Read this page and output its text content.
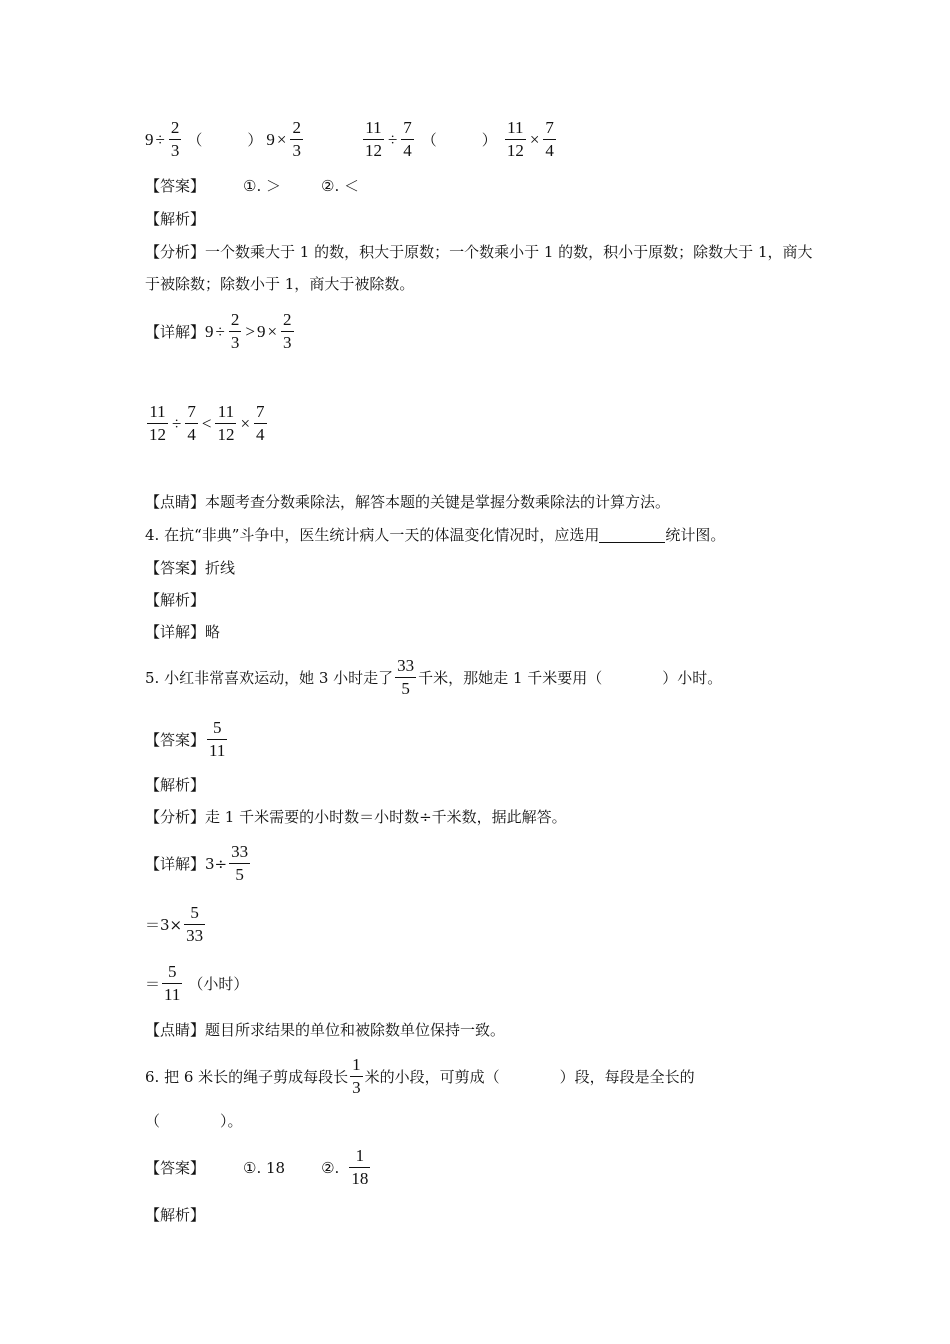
$9 \div \frac{2}{3}$ （　　　） $9 \times \frac{2}{3}$	$\frac{11}{12} \div \frac{7}{4}$ （　　　） $\frac{11}{12} \times \frac{7}{4}$
【答案】	①. ＞	②. ＜
【解析】
【分析】一个数乘大于 1 的数，积大于原数；一个数乘小于 1 的数，积小于原数；除数大于 1，商大于被除数；除数小于 1，商大于被除数。
【详解】 $9 \div \frac{2}{3} > 9 \times \frac{2}{3}$
$\frac{11}{12} \div \frac{7}{4} < \frac{11}{12} \times \frac{7}{4}$
【点睛】 本题考查分数乘除法，解答本题的关键是掌握分数乘除法的计算方法。
4. 在抗“非典”斗争中，医生统计病人一天的体温变化情况时，应选用	统计图。
【答案】 折线
【解析】
【详解】 略
5. 小红非常喜欢运动，她 3 小时走了 $\frac{33}{5}$ 千米，那她走 1 千米要用（　　　　）小时。
【答案】 $\frac{5}{11}$
【解析】
【分析】 走 1 千米需要的小时数＝小时数÷千米数，据此解答。
【详解】 $3\div \frac{33}{5}$
$=3\times \frac{5}{33}$
＝ $\frac{5}{11}$ （小时）
【点睛】 题目所求结果的单位和被除数单位保持一致。
6. 把 6 米长的绳子剪成每段长 $\frac{1}{3}$ 米的小段，可剪成（　　　　）段，每段是全长的
（　　　　）。
【答案】	①. 18 ②. $\frac{1}{18}$
【解析】
